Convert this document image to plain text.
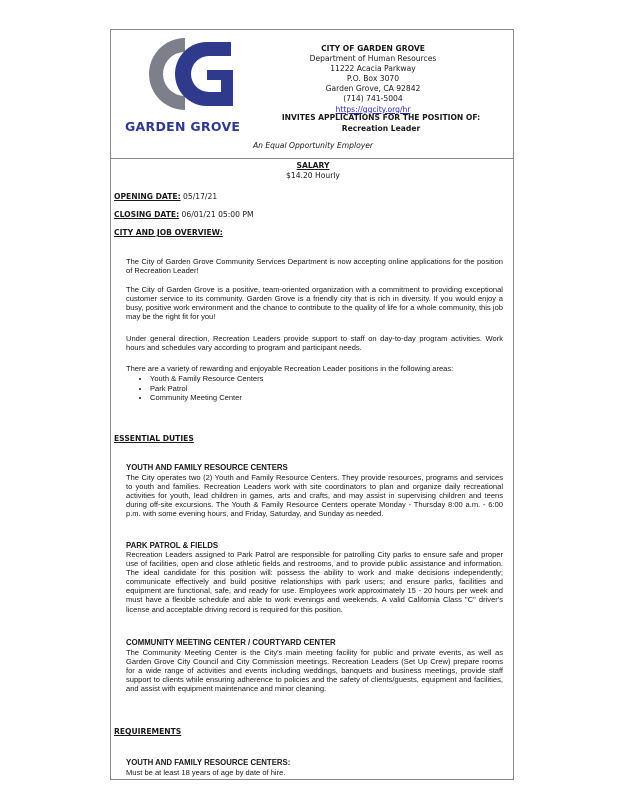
GARDEN GROVE
CITY OF GARDEN GROVE
Department of Human Resources
11222 Acacia Parkway
P.O. Box 3070
Garden Grove, CA 92842
(714) 741-5004
https://ggcity.org/hr
INVITES APPLICATIONS FOR THE POSITION OF:
Recreation Leader
An Equal Opportunity Employer
SALARY
$14.20 Hourly
OPENING DATE: 05/17/21
CLOSING DATE: 06/01/21 05:00 PM
CITY AND JOB OVERVIEW:

The City of Garden Grove Community Services Department is now accepting online applications for the position of Recreation Leader!

The City of Garden Grove is a positive, team-oriented organization with a commitment to providing exceptional customer service to its community. Garden Grove is a friendly city that is rich in diversity. If you would enjoy a busy, positive work environment and the chance to contribute to the quality of life for a whole community, this job may be the right fit for you!

Under general direction, Recreation Leaders provide support to staff on day-to-day program activities. Work hours and schedules vary according to program and participant needs.

There are a variety of rewarding and enjoyable Recreation Leader positions in the following areas:

• Youth & Family Resource Centers
• Park Patrol
• Community Meeting Center
ESSENTIAL DUTIES
YOUTH AND FAMILY RESOURCE CENTERS

The City operates two (2) Youth and Family Resource Centers. They provide resources, programs and services to youth and families. Recreation Leaders work with site coordinators to plan and organize daily recreational activities for youth, lead children in games, arts and crafts, and may assist in supervising children and teens during off-site excursions. The Youth & Family Resource Centers operate Monday - Thursday 8:00 a.m. - 6:00 p.m. with some evening hours, and Friday, Saturday, and Sunday as needed.

PARK PATROL & FIELDS

Recreation Leaders assigned to Park Patrol are responsible for patrolling City parks to ensure safe and proper use of facilities, open and close athletic fields and restrooms, and to provide public assistance and information. The ideal candidate for this position will: possess the ability to work and make decisions independently; communicate effectively and build positive relationships with park users; and ensure parks, facilities and equipment are functional, safe, and ready for use. Employees work approximately 15 - 20 hours per week and must have a flexible schedule and able to work evenings and weekends. A valid California Class "C" driver's license and acceptable driving record is required for this position.

COMMUNITY MEETING CENTER / COURTYARD CENTER

The Community Meeting Center is the City's main meeting facility for public and private events, as well as Garden Grove City Council and City Commission meetings. Recreation Leaders (Set Up Crew) prepare rooms for a wide range of activities and events including weddings, banquets and business meetings, provide staff support to clients while ensuring adherence to policies and the safety of clients/guests, equipment and facilities, and assist with equipment maintenance and minor cleaning.

REQUIREMENTS
YOUTH AND FAMILY RESOURCE CENTERS:

Must be at least 18 years of age by date of hire.
